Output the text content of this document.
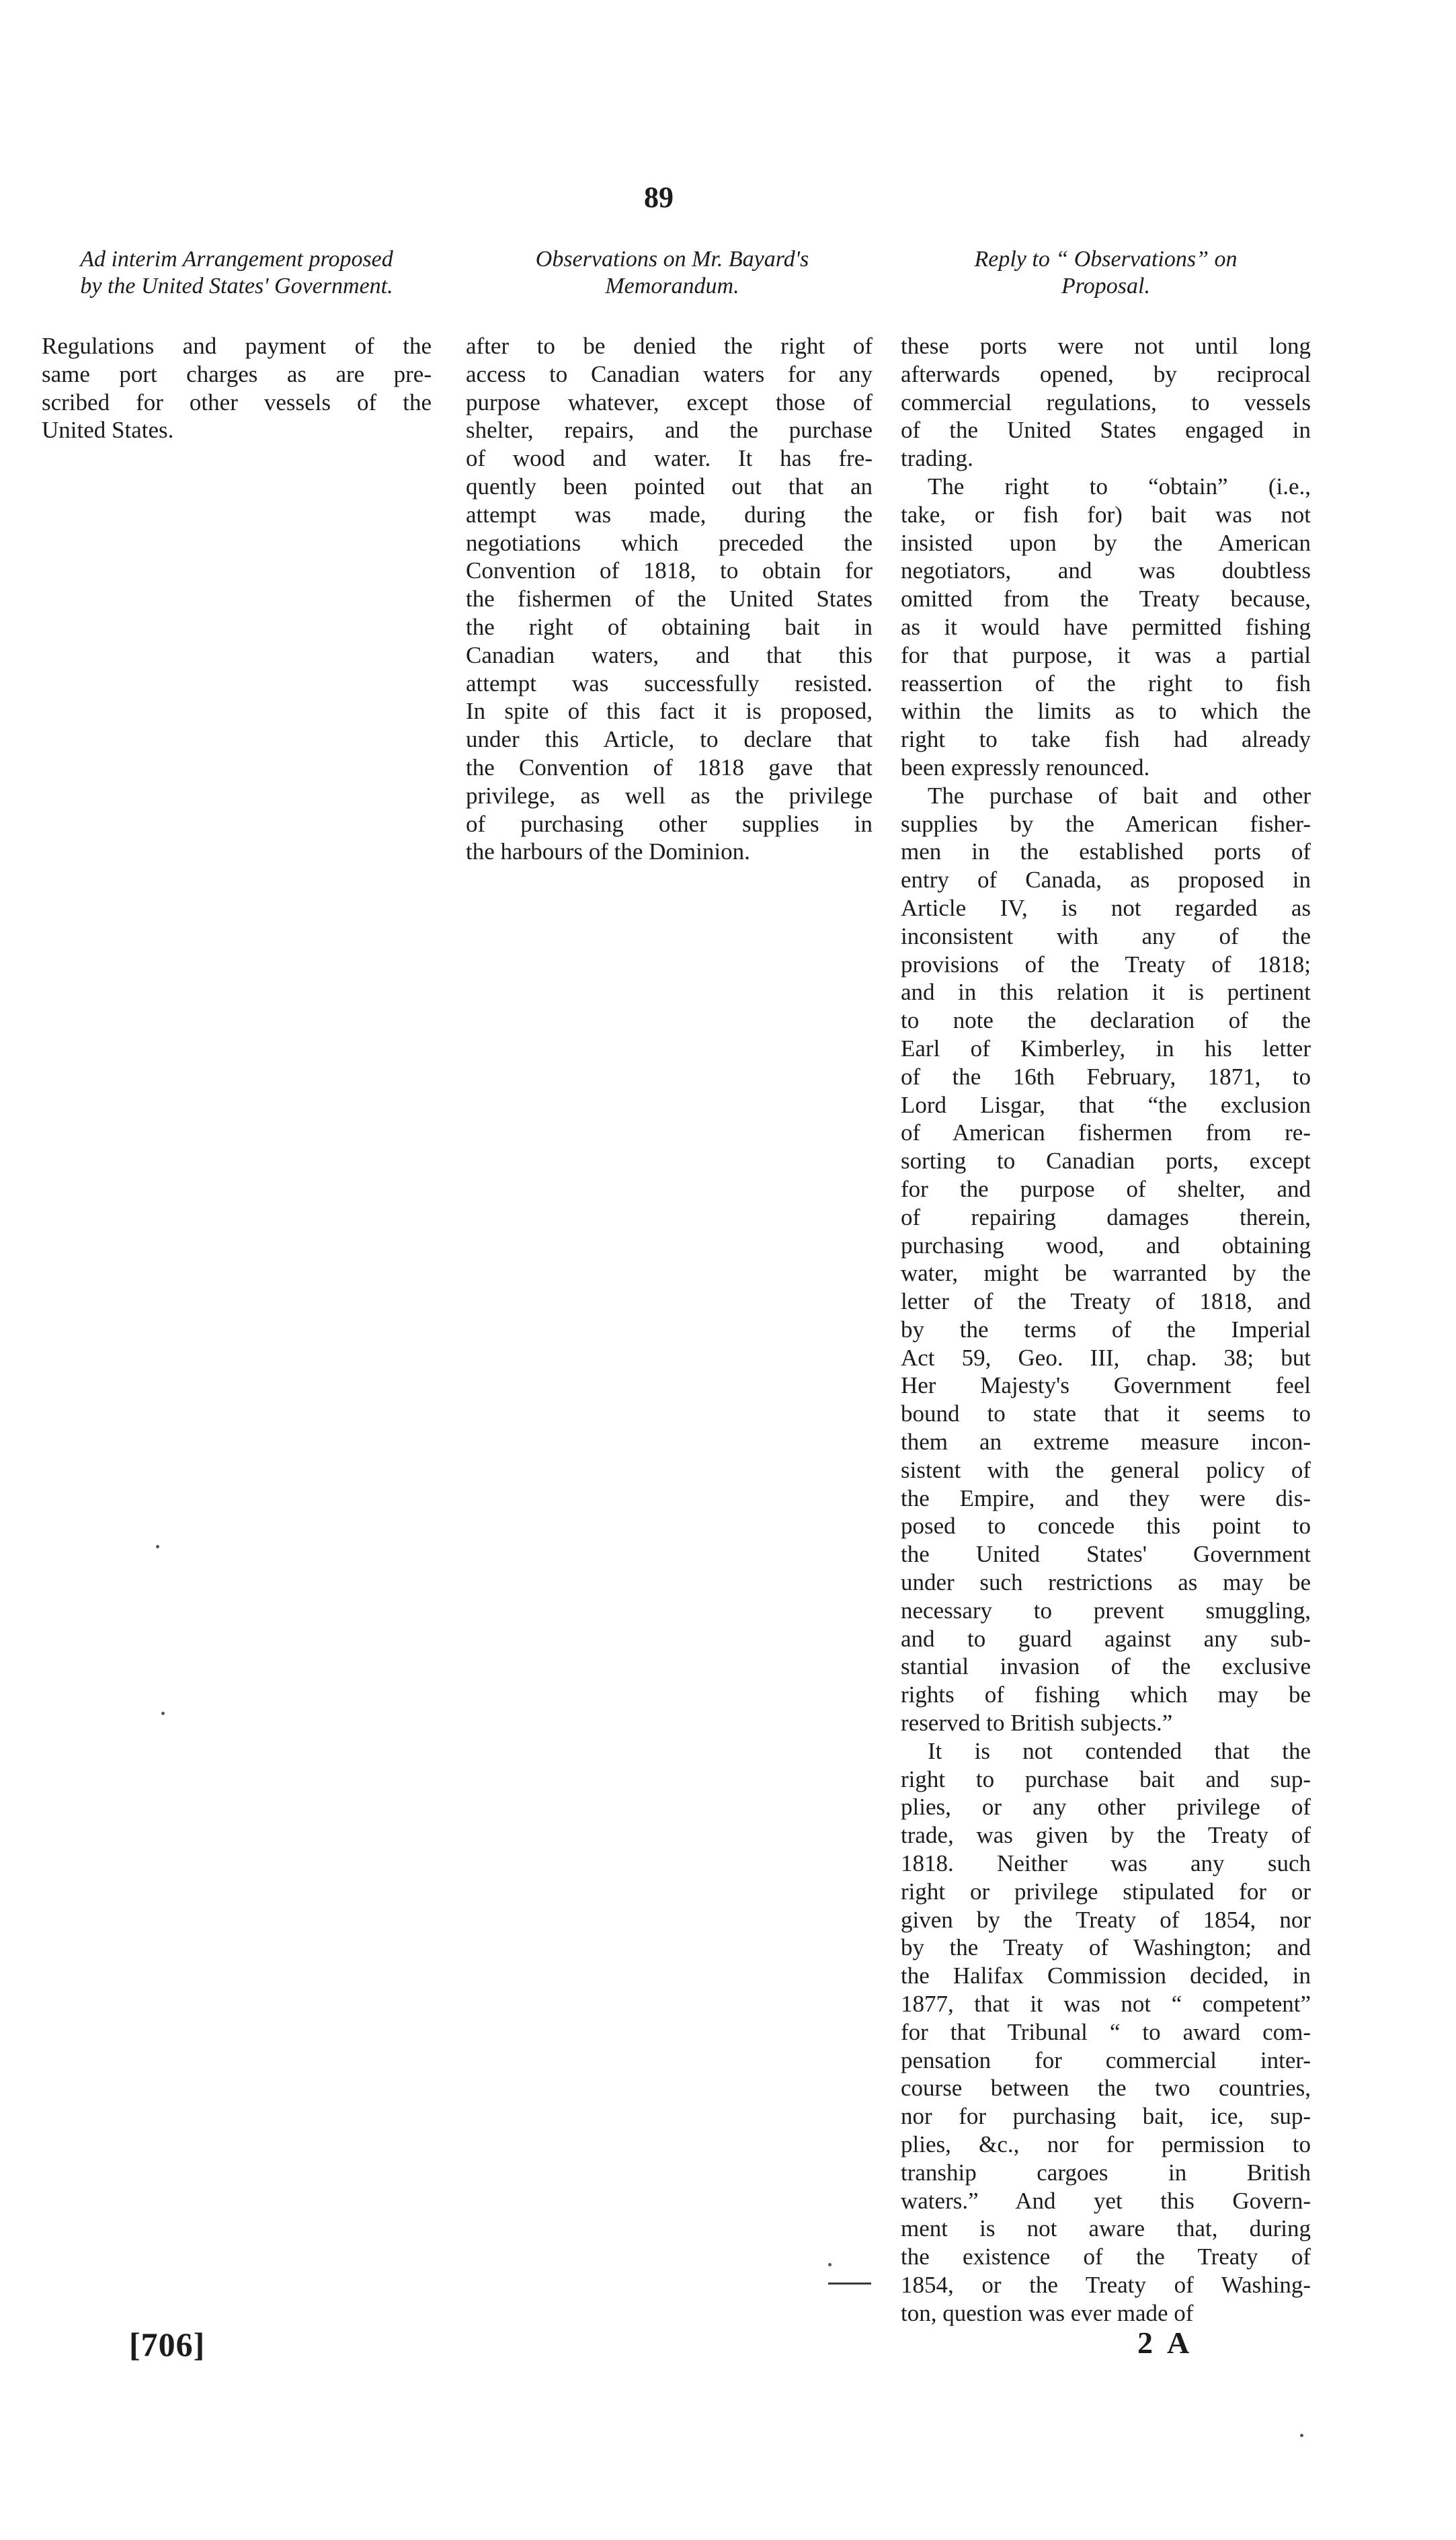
89
Ad interim Arrangement proposed
by the United States' Government.
Observations on Mr. Bayard's
Memorandum.
Reply to “ Observations” on
Proposal.
Regulations and payment of the
same port charges as are pre-
scribed for other vessels of the
United States.
after to be denied the right of
access to Canadian waters for any
purpose whatever, except those of
shelter, repairs, and the purchase
of wood and water. It has fre-
quently been pointed out that an
attempt was made, during the
negotiations which preceded the
Convention of 1818, to obtain for
the fishermen of the United States
the right of obtaining bait in
Canadian waters, and that this
attempt was successfully resisted.
In spite of this fact it is proposed,
under this Article, to declare that
the Convention of 1818 gave that
privilege, as well as the privilege
of purchasing other supplies in
the harbours of the Dominion.
these ports were not until long
afterwards opened, by reciprocal
commercial regulations, to vessels
of the United States engaged in
trading.
The right to “obtain” (i.e.,
take, or fish for) bait was not
insisted upon by the American
negotiators, and was doubtless
omitted from the Treaty because,
as it would have permitted fishing
for that purpose, it was a partial
reassertion of the right to fish
within the limits as to which the
right to take fish had already
been expressly renounced.
The purchase of bait and other
supplies by the American fisher-
men in the established ports of
entry of Canada, as proposed in
Article IV, is not regarded as
inconsistent with any of the
provisions of the Treaty of 1818;
and in this relation it is pertinent
to note the declaration of the
Earl of Kimberley, in his letter
of the 16th February, 1871, to
Lord Lisgar, that “the exclusion
of American fishermen from re-
sorting to Canadian ports, except
for the purpose of shelter, and
of repairing damages therein,
purchasing wood, and obtaining
water, might be warranted by the
letter of the Treaty of 1818, and
by the terms of the Imperial
Act 59, Geo. III, chap. 38; but
Her Majesty's Government feel
bound to state that it seems to
them an extreme measure incon-
sistent with the general policy of
the Empire, and they were dis-
posed to concede this point to
the United States' Government
under such restrictions as may be
necessary to prevent smuggling,
and to guard against any sub-
stantial invasion of the exclusive
rights of fishing which may be
reserved to British subjects.”
It is not contended that the
right to purchase bait and sup-
plies, or any other privilege of
trade, was given by the Treaty of
1818. Neither was any such
right or privilege stipulated for or
given by the Treaty of 1854, nor
by the Treaty of Washington; and
the Halifax Commission decided, in
1877, that it was not “ competent”
for that Tribunal “ to award com-
pensation for commercial inter-
course between the two countries,
nor for purchasing bait, ice, sup-
plies, &c., nor for permission to
tranship cargoes in British
waters.” And yet this Govern-
ment is not aware that, during
the existence of the Treaty of
1854, or the Treaty of Washing-
ton, question was ever made of
[706]	2 A
